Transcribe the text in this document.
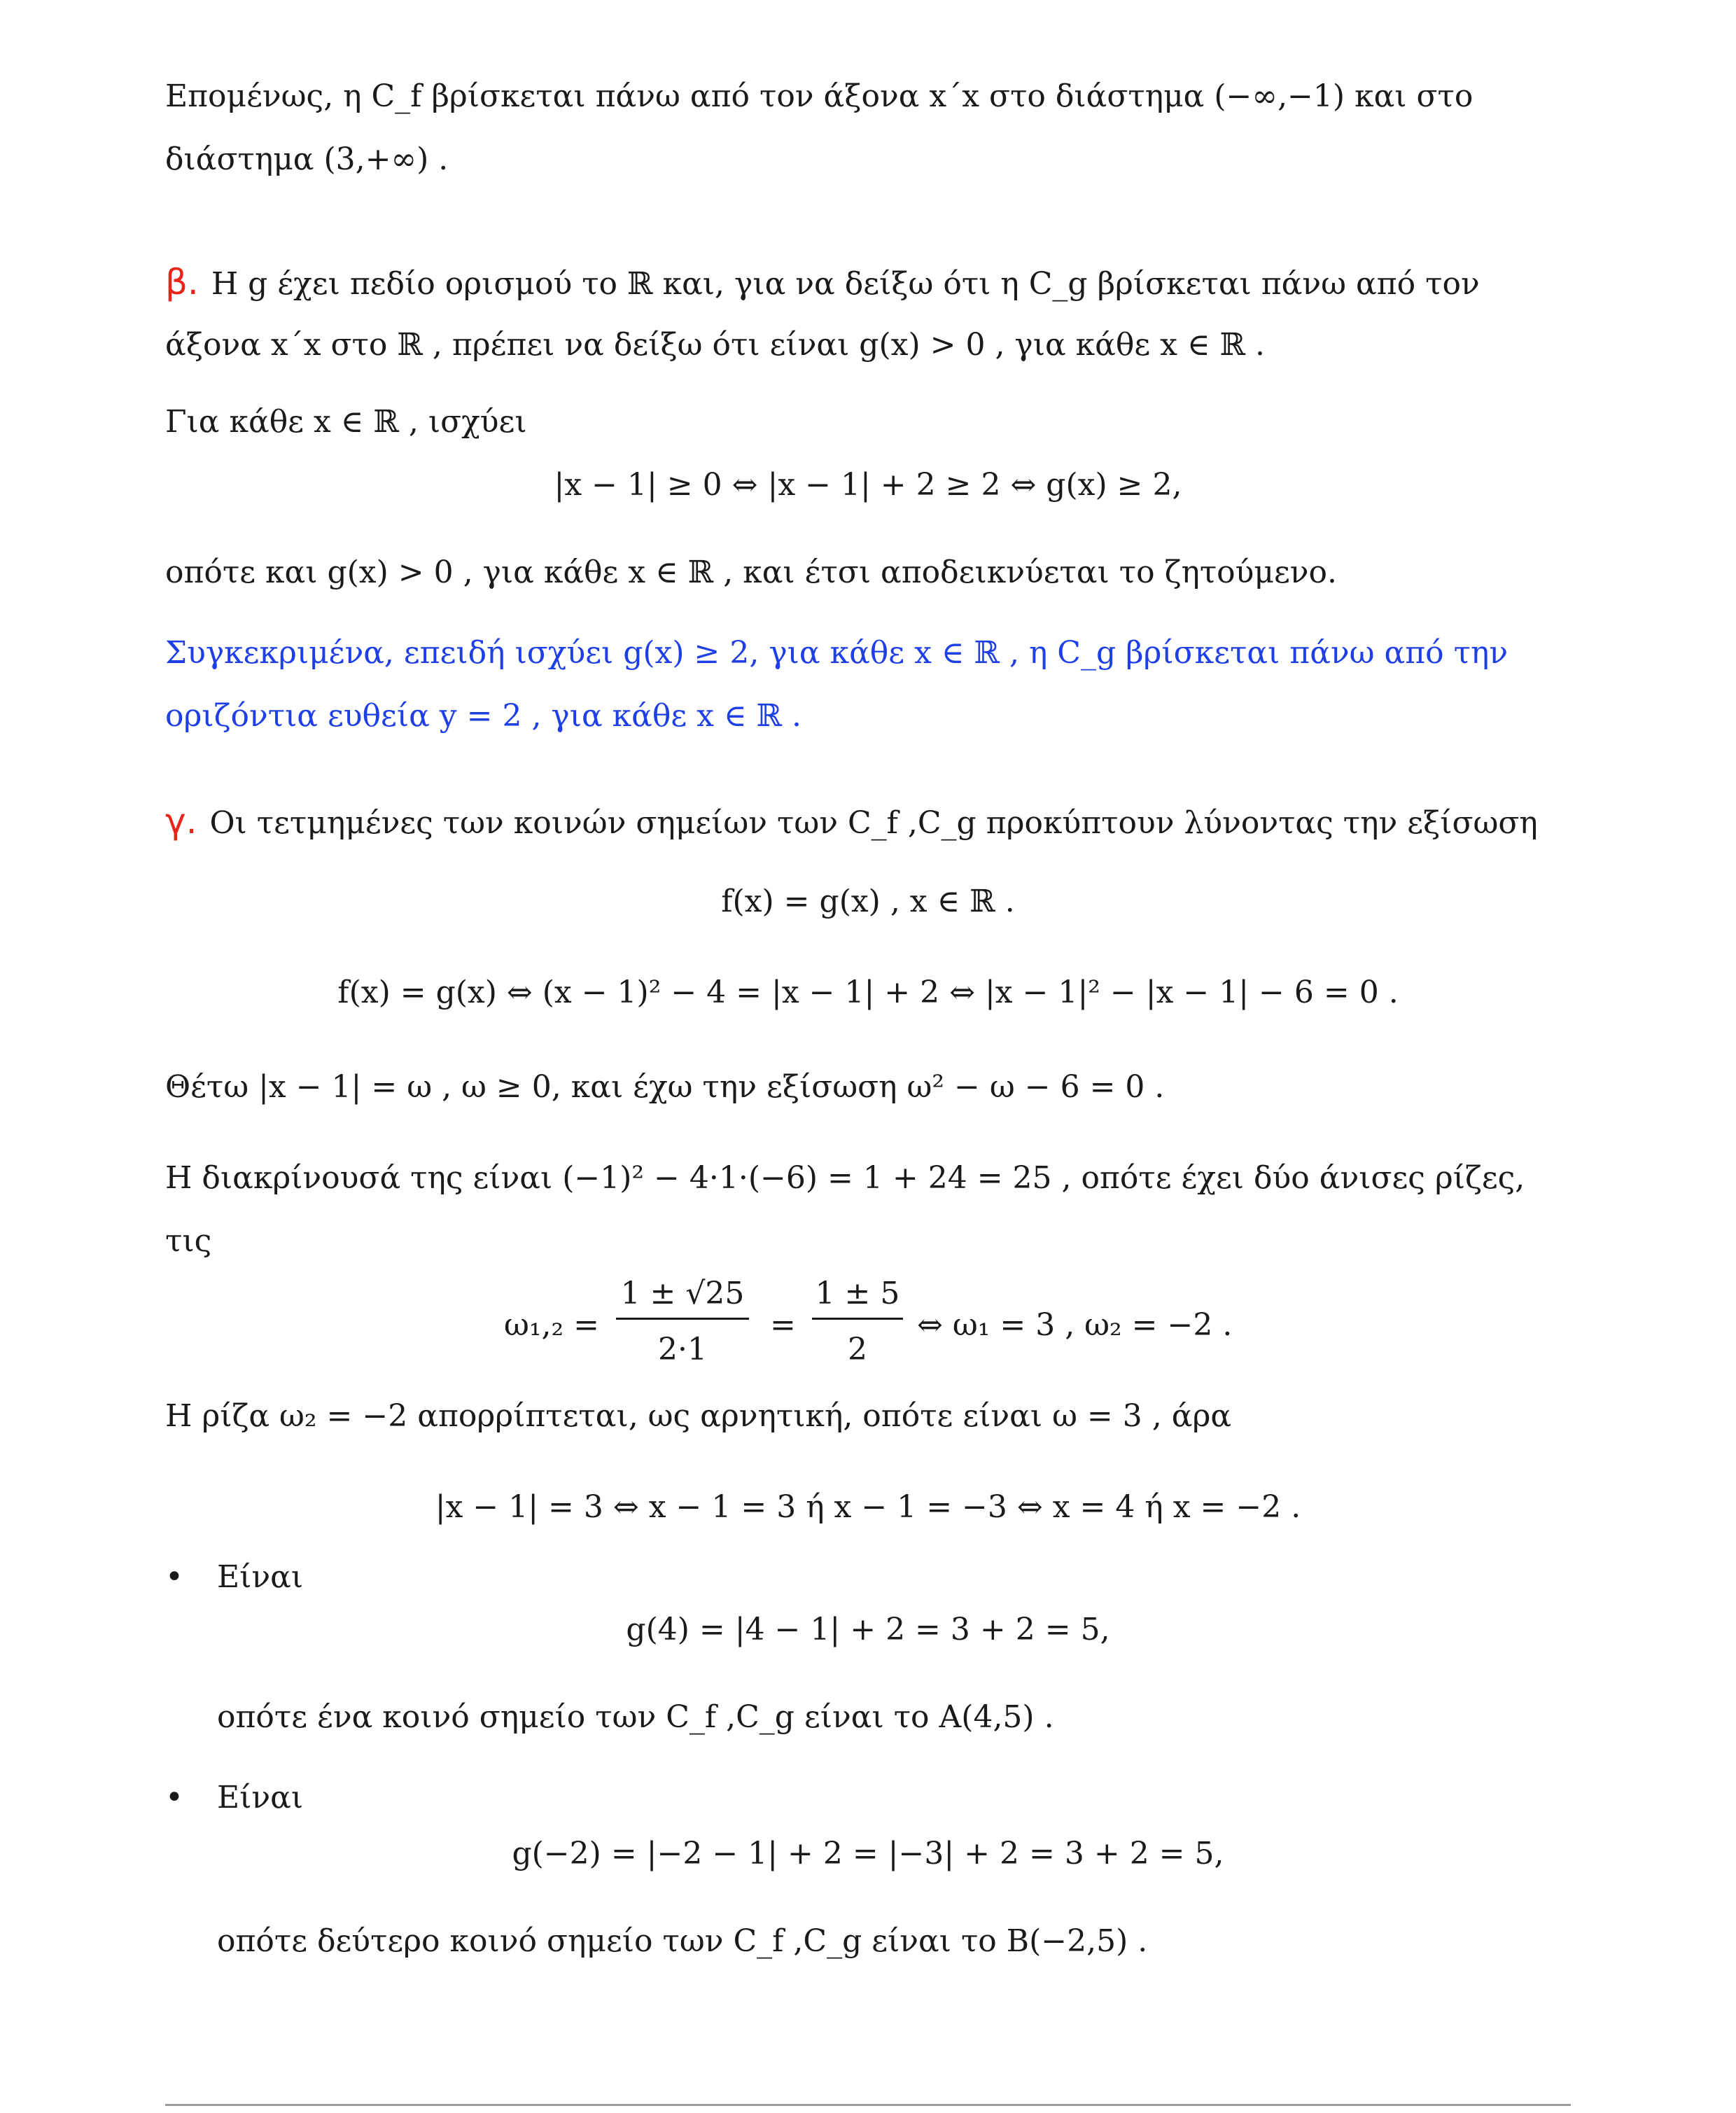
Επομένως, η C_f βρίσκεται πάνω από τον άξονα x΄x στο διάστημα (−∞,−1) και στο
διάστημα (3,+∞) .
β. Η g έχει πεδίο ορισμού το ℝ και, για να δείξω ότι η C_g βρίσκεται πάνω από τον
άξονα x΄x στο ℝ , πρέπει να δείξω ότι είναι g(x) > 0 , για κάθε x ∈ ℝ .
Για κάθε x ∈ ℝ , ισχύει
|x − 1| ≥ 0 ⇔ |x − 1| + 2 ≥ 2 ⇔ g(x) ≥ 2,
οπότε και g(x) > 0 , για κάθε x ∈ ℝ , και έτσι αποδεικνύεται το ζητούμενο.
Συγκεκριμένα, επειδή ισχύει g(x) ≥ 2, για κάθε x ∈ ℝ , η C_g βρίσκεται πάνω από την
οριζόντια ευθεία y = 2 , για κάθε x ∈ ℝ .
γ. Οι τετμημένες των κοινών σημείων των C_f ,C_g προκύπτουν λύνοντας την εξίσωση
f(x) = g(x) , x ∈ ℝ .
f(x) = g(x) ⇔ (x − 1)² − 4 = |x − 1| + 2 ⇔ |x − 1|² − |x − 1| − 6 = 0 .
Θέτω |x − 1| = ω , ω ≥ 0, και έχω την εξίσωση ω² − ω − 6 = 0 .
Η διακρίνουσά της είναι (−1)² − 4·1·(−6) = 1 + 24 = 25 , οπότε έχει δύο άνισες ρίζες,
τις
ω₁,₂ =
1 ± √25
2·1
=
1 ± 5
2
⇔ ω₁ = 3 , ω₂ = −2 .
Η ρίζα ω₂ = −2 απορρίπτεται, ως αρνητική, οπότε είναι ω = 3 , άρα
|x − 1| = 3 ⇔ x − 1 = 3 ή x − 1 = −3 ⇔ x = 4 ή x = −2 .
• Είναι
g(4) = |4 − 1| + 2 = 3 + 2 = 5,
οπότε ένα κοινό σημείο των C_f ,C_g είναι το A(4,5) .
• Είναι
g(−2) = |−2 − 1| + 2 = |−3| + 2 = 3 + 2 = 5,
οπότε δεύτερο κοινό σημείο των C_f ,C_g είναι το B(−2,5) .
